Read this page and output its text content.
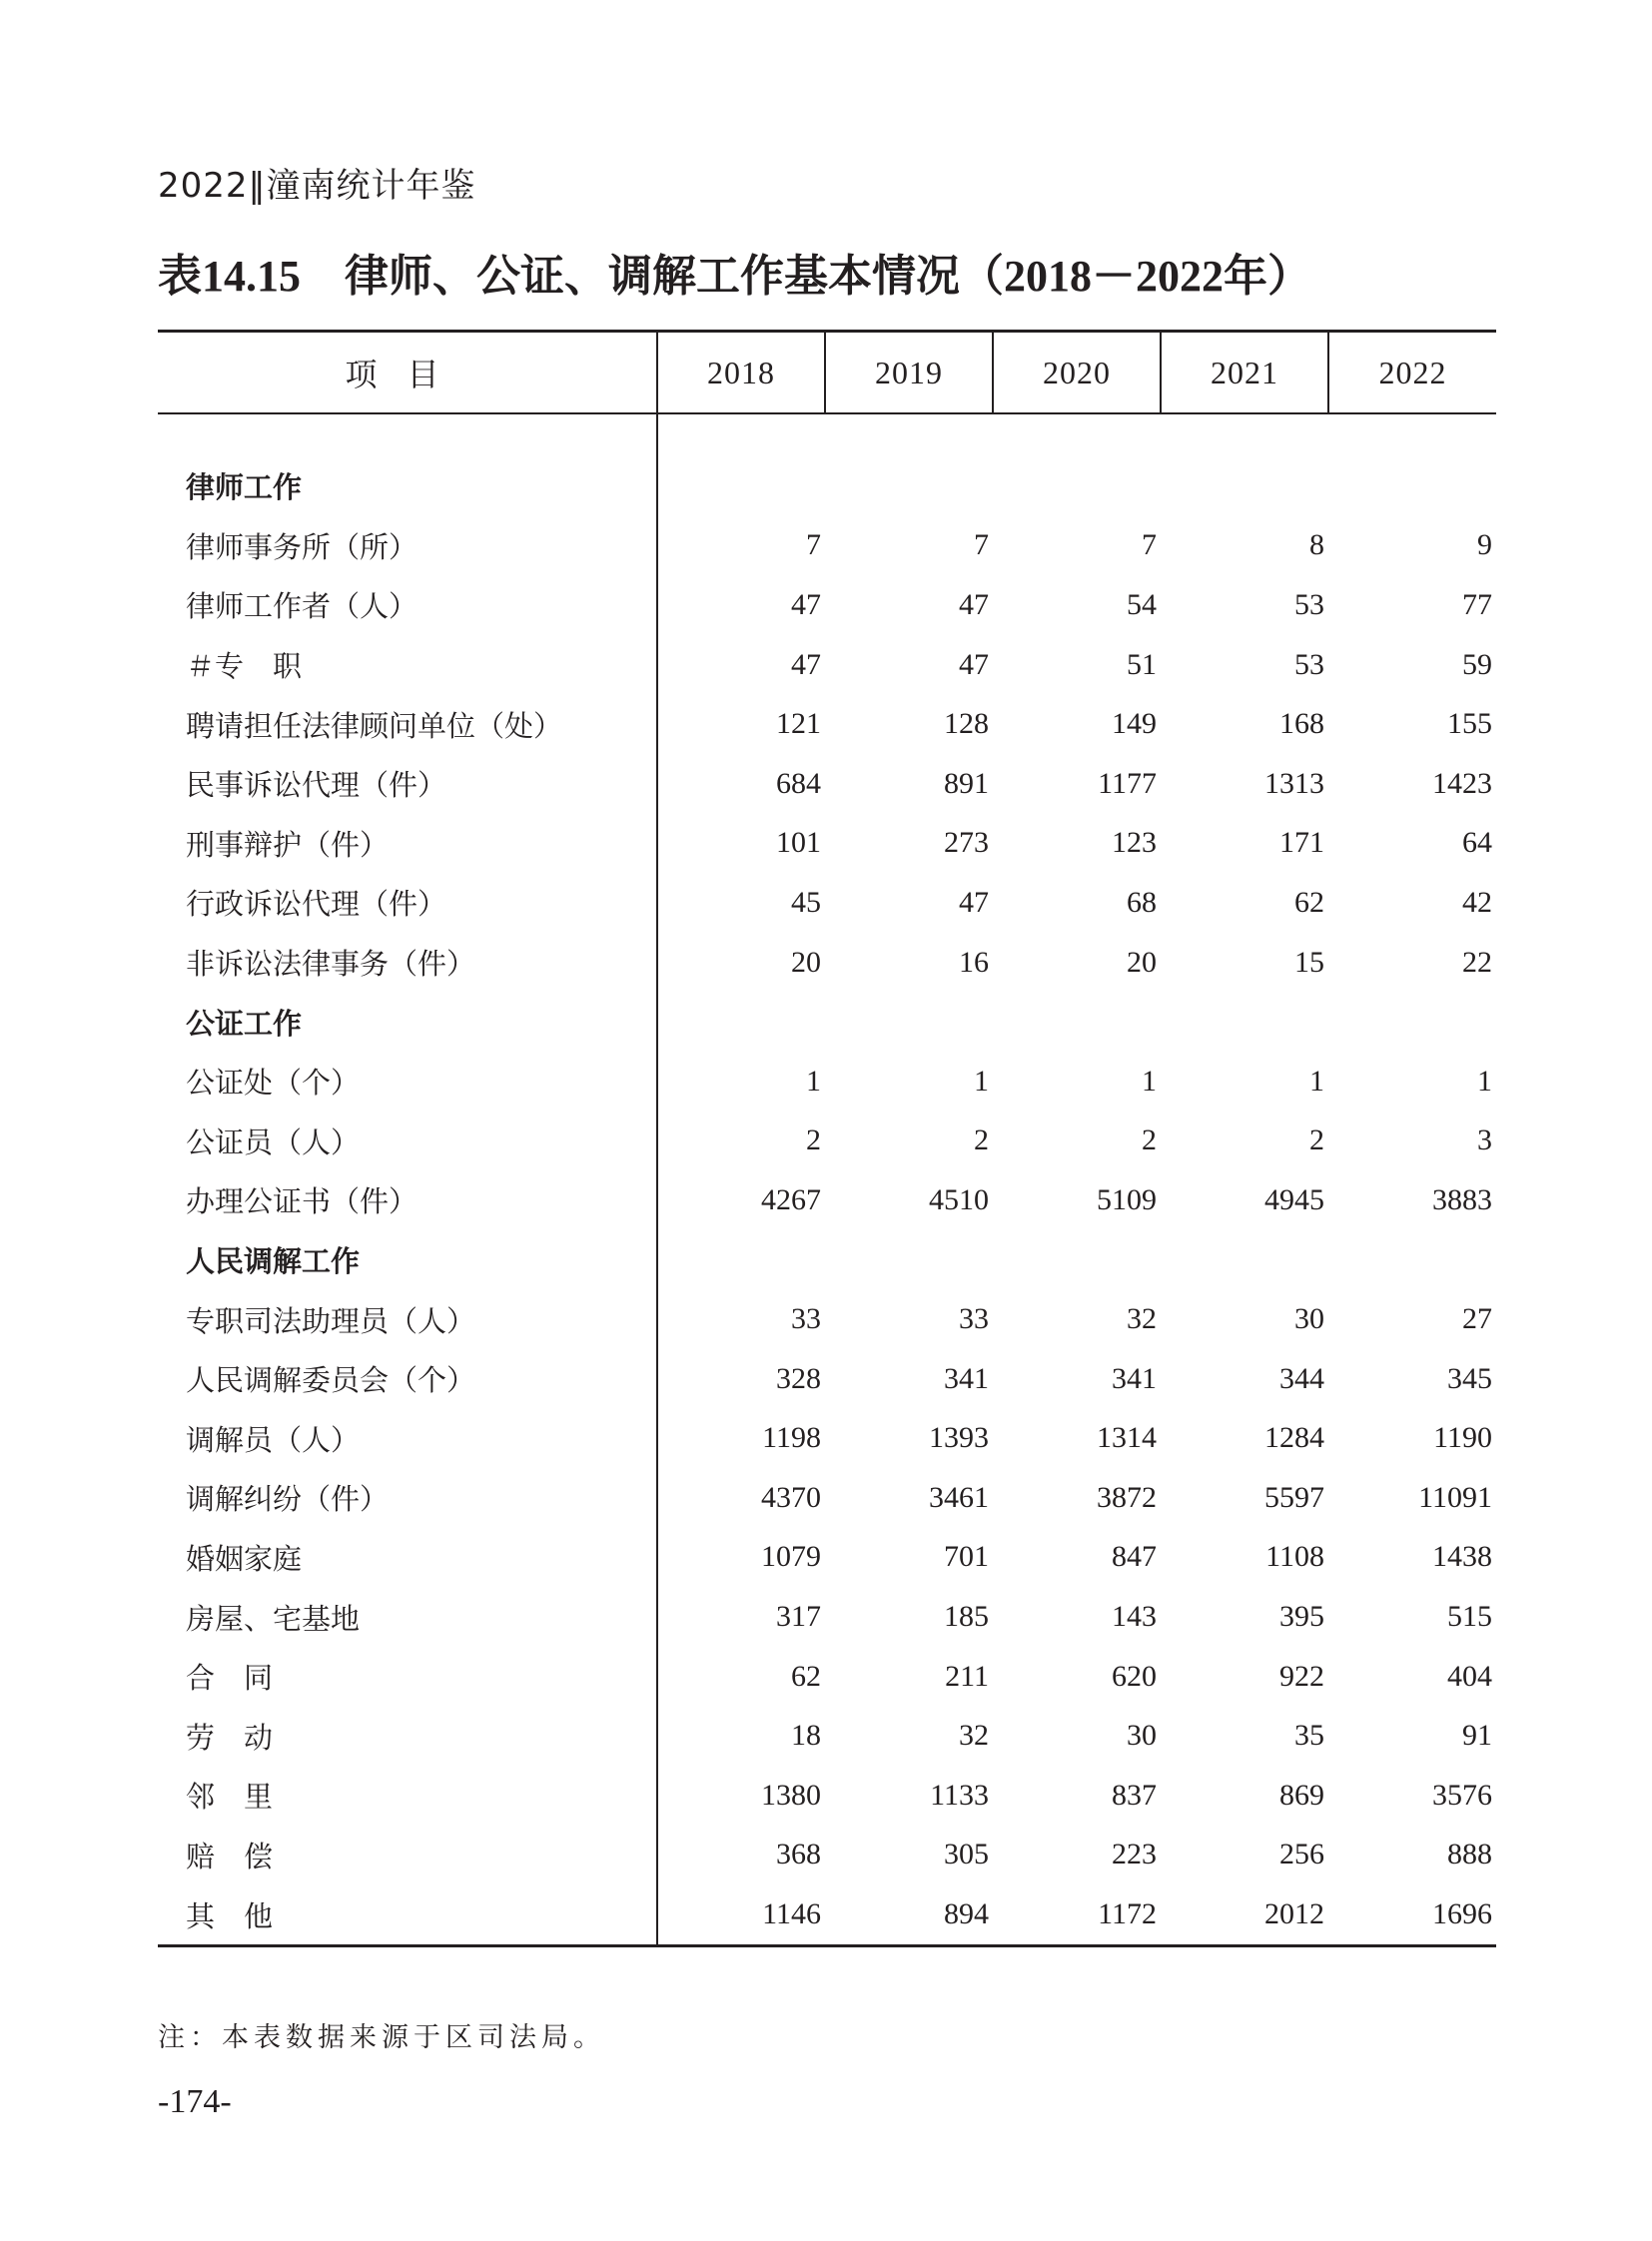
2022‖潼南统计年鉴
表14.15　律师、公证、调解工作基本情况（2018－2022年）
项目	2018	2019	2020	2021	2022

律师工作					
律师事务所（所）	7	7	7	8	9
律师工作者（人）	47	47	54	53	77
＃专　职	47	47	51	53	59
聘请担任法律顾问单位（处）	121	128	149	168	155
民事诉讼代理（件）	684	891	1177	1313	1423
刑事辩护（件）	101	273	123	171	64
行政诉讼代理（件）	45	47	68	62	42
非诉讼法律事务（件）	20	16	20	15	22
公证工作					
公证处（个）	1	1	1	1	1
公证员（人）	2	2	2	2	3
办理公证书（件）	4267	4510	5109	4945	3883
人民调解工作					
专职司法助理员（人）	33	33	32	30	27
人民调解委员会（个）	328	341	341	344	345
调解员（人）	1198	1393	1314	1284	1190
调解纠纷（件）	4370	3461	3872	5597	11091
婚姻家庭	1079	701	847	1108	1438
房屋、宅基地	317	185	143	395	515
合　同	62	211	620	922	404
劳　动	18	32	30	35	91
邻　里	1380	1133	837	869	3576
赔　偿	368	305	223	256	888
其　他	1146	894	1172	2012	1696
注：本表数据来源于区司法局。
-174-
